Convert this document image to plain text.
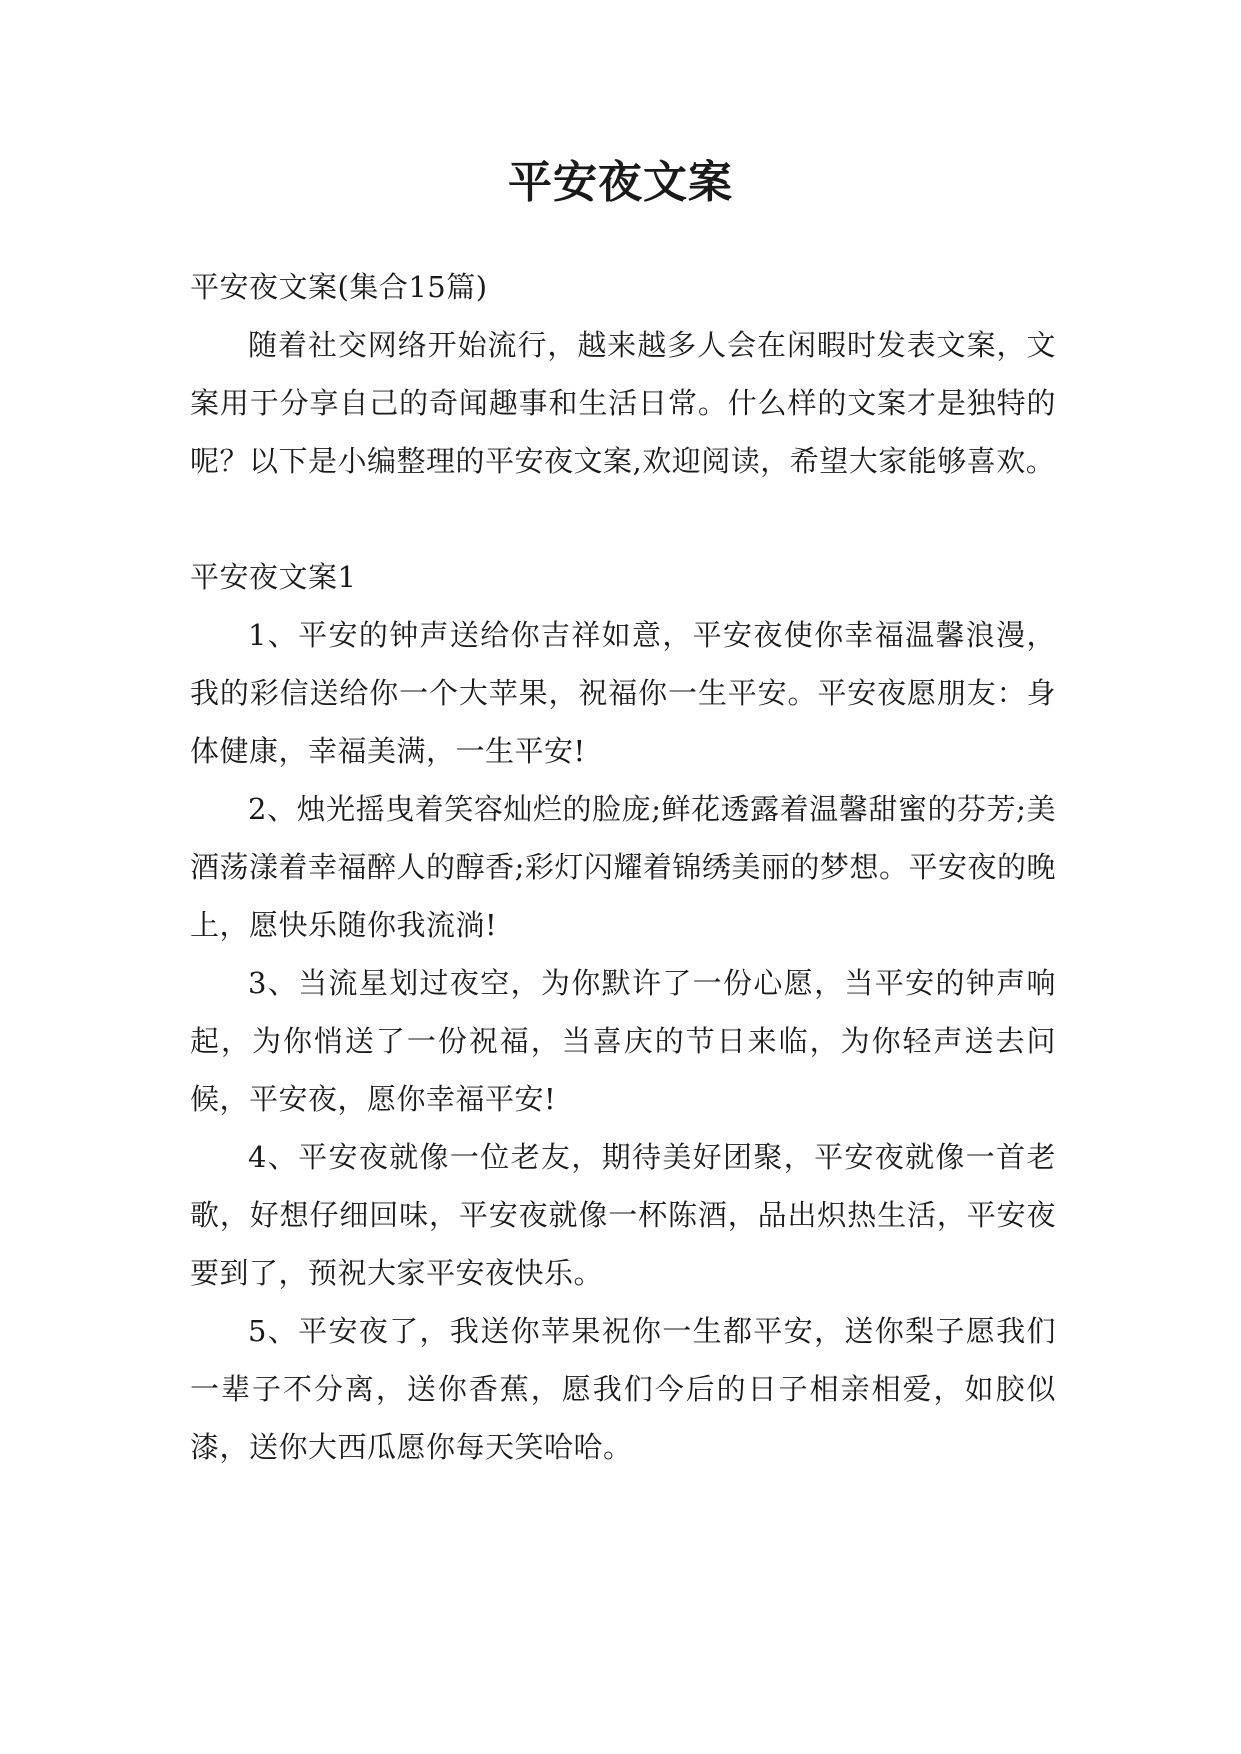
平安夜文案

平安夜文案(集合15篇)

随着社交网络开始流行，越来越多人会在闲暇时发表文案，文案用于分享自己的奇闻趣事和生活日常。什么样的文案才是独特的呢？以下是小编整理的平安夜文案,欢迎阅读，希望大家能够喜欢。

平安夜文案1

1、平安的钟声送给你吉祥如意，平安夜使你幸福温馨浪漫，我的彩信送给你一个大苹果，祝福你一生平安。平安夜愿朋友：身体健康，幸福美满，一生平安!

2、烛光摇曳着笑容灿烂的脸庞;鲜花透露着温馨甜蜜的芬芳;美酒荡漾着幸福醉人的醇香;彩灯闪耀着锦绣美丽的梦想。平安夜的晚上，愿快乐随你我流淌!

3、当流星划过夜空，为你默许了一份心愿，当平安的钟声响起，为你悄送了一份祝福，当喜庆的节日来临，为你轻声送去问候，平安夜，愿你幸福平安!

4、平安夜就像一位老友，期待美好团聚，平安夜就像一首老歌，好想仔细回味，平安夜就像一杯陈酒，品出炽热生活，平安夜要到了，预祝大家平安夜快乐。

5、平安夜了，我送你苹果祝你一生都平安，送你梨子愿我们一辈子不分离，送你香蕉，愿我们今后的日子相亲相爱，如胶似漆，送你大西瓜愿你每天笑哈哈。
